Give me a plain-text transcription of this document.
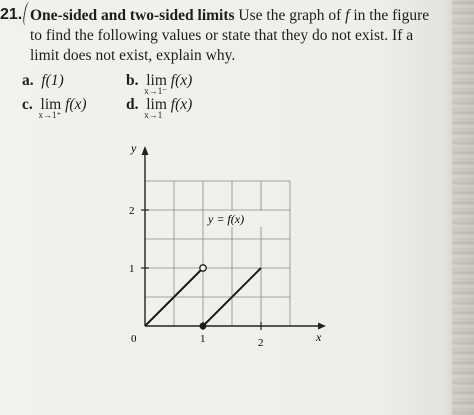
21. One-sided and two-sided limits Use the graph of f in the figure to find the following values or state that they do not exist. If a limit does not exist, explain why.
a. f(1)	b. lim
x→1⁻
f(x)
c. lim
x→1⁺
f(x)	d. lim
x→1
f(x)
y
x
2
1
1	2
0
y = f(x)
